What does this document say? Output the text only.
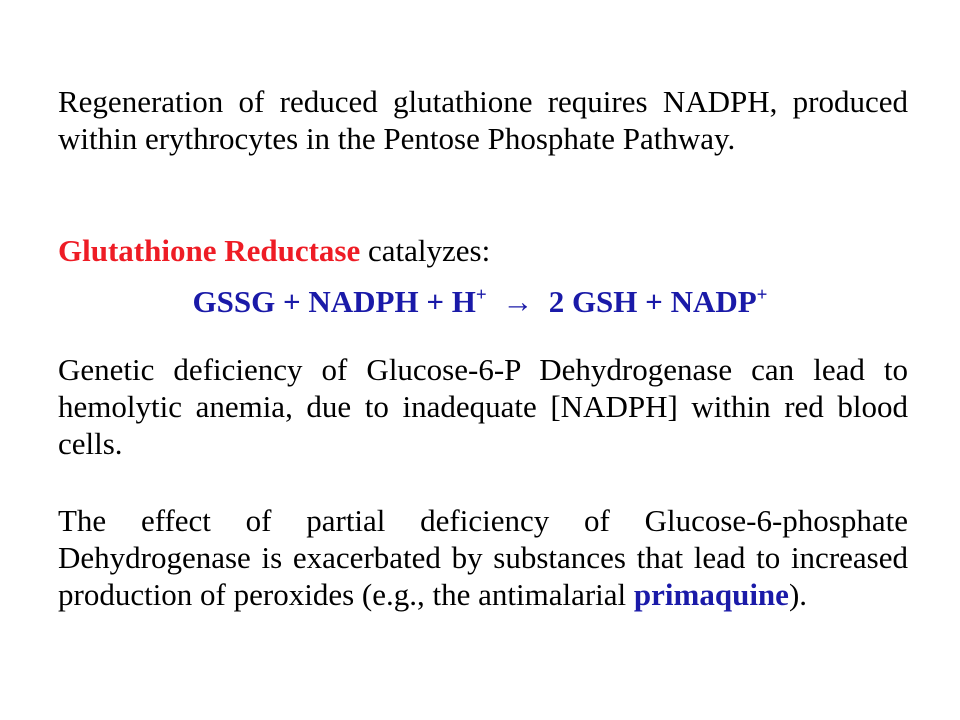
Regeneration of reduced glutathione requires NADPH, produced within erythrocytes in the Pentose Phosphate Pathway.

Glutathione Reductase catalyzes:

GSSG + NADPH + H+ → 2 GSH + NADP+

Genetic deficiency of Glucose-6-P Dehydrogenase can lead to hemolytic anemia, due to inadequate [NADPH] within red blood cells.

The effect of partial deficiency of Glucose-6-phosphate Dehydrogenase is exacerbated by substances that lead to increased production of peroxides (e.g., the antimalarial primaquine).
